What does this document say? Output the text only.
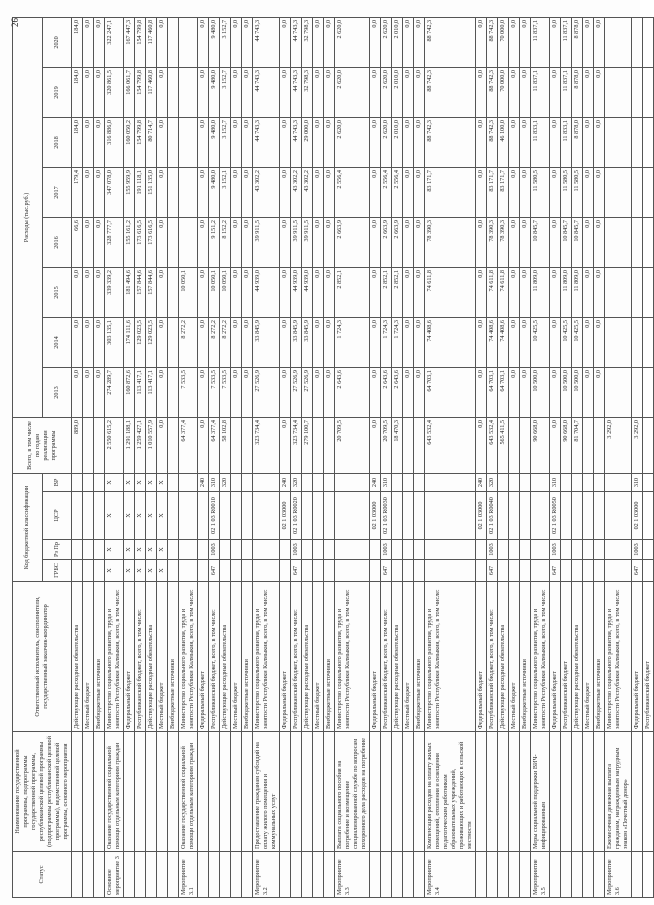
26
Статус	Наименование государственной программы, подпрограммы государственной программы, республиканской целевой программы (подпрограммы республиканской целевой программы), ведомственной целевой программы, основного мероприятия	Ответственный исполнитель, соисполнители, государственный заказчик-координатор	Код бюджетной классификации				Всего, в том числе по годам реализации программы	Расходы (тыс.руб.)							
			ГРБС	Рз Пр	ЦСР	ВР		2013	2014	2015	2016	2017	2018	2019	2020
		Действующие расходные обязательства					889,0	0,0	0,0	0,0	66,6	179,4	184,0	184,0	184,0
		Местный бюджет						0,0	0,0	0,0	0,0	0,0	0,0	0,0	0,0
		Внебюджетные источники						0,0	0,0	0,0	0,0	0,0	0,0	0,0	0,0
Основное мероприятие 3	Оказание государственной социальной помощи отдельным категориям граждан	Министерство социального развития, труда и занятости Республики Калмыкия, всего, в том числе:	X	X	X	X	2 550 615,2	274 289,7	303 135,1	339 339,2	328 777,7	347 078,0	316 886,0	320 861,5	322 247,1
		Федеральный бюджет	X	X	X	X	1 291 188,1	160 872,6	174 111,6	181 494,6	155 161,2	155 959,9	160 050,2	166 061,7	167 447,3
		Республиканский бюджет, всего, в том числе:	X	X	X	X	1 259 427,1	113 417,1	129 023,5	157 844,6	173 616,5	191 118,1	154 799,8	154 799,8	154 799,8
		Действующие расходные обязательства	X	X	X	X	1 010 557,9	113 417,1	129 023,5	157 844,6	173 616,5	151 135,0	80 714,7	117 460,8	117 460,8
		Местный бюджет	X	X	X	X	0,0	0,0	0,0	0,0	0,0	0,0	0,0	0,0	0,0
		Внебюджетные источники													
Мероприятие 3.1	Оказание государственной социальной помощи отдельным категориям граждан	Министерство социального развития, труда и занятости Республики Калмыкия, всего, в том числе:					64 377,4	7 533,5	8 272,2	10 050,1					
		Федеральный бюджет				240	0,0	0,0	0,0	0,0	0,0	0,0	0,0	0,0	0,0
		Республиканский бюджет, всего, в том числе:	647	1003	02 1 03 R0010	310	64 377,4	7 533,5	8 272,2	10 050,1	9 151,2	9 480,0	9 480,0	9 480,0	9 480,0
		Действующие расходные обязательства				320	58 102,8	7 533,5	8 272,2	10 050,1	8 152,2	3 152,1	3 152,7	3 152,7	3 152,7
		Местный бюджет						0,0	0,0	0,0	0,0	0,0	0,0	0,0	0,0
		Внебюджетные источники						0,0	0,0	0,0	0,0	0,0	0,0	0,0	0,0
Мероприятие 3.2	Предоставление гражданам субсидий на оплату жилого помещения и коммунальных услуг	Министерство социального развития, труда и занятости Республики Калмыкия, всего, в том числе:					323 734,4	27 526,9	33 845,9	44 939,0	39 911,5	43 302,2	44 743,3	44 743,3	44 743,3
		Федеральный бюджет			02 1 03000	240	0,0	0,0	0,0	0,0	0,0	0,0	0,0	0,0	0,0
		Республиканский бюджет, всего, в том числе:	647	1003	02 1 03 R0020	320	323 734,4	27 526,9	33 845,9	44 939,0	39 911,5	43 302,2	44 743,3	44 743,3	44 743,3
		Действующие расходные обязательства					279 100,7	27 526,9	33 845,9	44 939,0	39 911,5	43 302,2	29 000,0	32 798,3	32 798,3
		Местный бюджет						0,0	0,0	0,0	0,0	0,0	0,0	0,0	0,0
		Внебюджетные источники						0,0	0,0	0,0	0,0	0,0	0,0	0,0	0,0
Мероприятие 3.3	Выплата социального пособия на погребение и возмещение специализированной службе по вопросам похоронного дела расходов на погребение	Министерство социального развития, труда и занятости Республики Калмыкия, всего, в том числе:					20 709,5	2 643,6	1 724,3	2 852,1	2 663,9	2 556,4	2 620,0	2 620,0	2 620,0
		Федеральный бюджет			02 1 03000	240	0,0	0,0	0,0	0,0	0,0	0,0	0,0	0,0	0,0
		Республиканский бюджет, всего, в том числе:	647	1003	02 1 03 R0030	310	20 709,5	2 643,6	1 724,3	2 852,1	2 663,9	2 556,4	2 620,0	2 620,0	2 620,0
		Действующие расходные обязательства					18 470,3	2 643,6	1 724,3	2 852,1	2 663,9	2 556,4	2 010,0	2 010,0	2 010,0
		Местный бюджет						0,0	0,0	0,0	0,0	0,0	0,0	0,0	0,0
		Внебюджетные источники						0,0	0,0	0,0	0,0	0,0	0,0	0,0	0,0
Мероприятие 3.4	Компенсация расходов на оплату жилых помещений, отопления и освещения педагогическим работникам образовательных учреждений, проживающих и работающих в сельской местности	Министерство социального развития, труда и занятости Республики Калмыкия, всего, в том числе:					643 532,4	64 703,1	74 408,6	74 611,8	78 390,3	83 171,7	88 742,3	88 742,3	88 742,3
		Федеральный бюджет			02 1 03000	240	0,0	0,0	0,0	0,0	0,0	0,0	0,0	0,0	0,0
		Республиканский бюджет, всего, в том числе:	647	1003	02 1 03 R0040	320	643 532,4	64 703,1	74 408,6	74 611,8	78 390,3	83 171,7	88 742,3	88 742,3	88 742,3
		Действующие расходные обязательства					565 411,5	64 703,1	74 408,6	74 611,8	78 390,3	83 171,7	46 100,0	70 000,0	70 000,0
		Местный бюджет						0,0	0,0	0,0	0,0	0,0	0,0	0,0	0,0
		Внебюджетные источники						0,0	0,0	0,0	0,0	0,0	0,0	0,0	0,0
Мероприятие 3.5	Меры социальной поддержки ВИЧ-инфицированным	Министерство социального развития, труда и занятости Республики Калмыкия, всего, в том числе:					90 668,0	10 500,0	10 425,5	11 809,0	10 845,7	11 580,5	11 833,1	11 837,1	11 837,1
		Федеральный бюджет	647	1003	02 1 03 R0050	310	0,0	0,0	0,0	0,0	0,0	0,0	0,0	0,0	0,0
		Республиканский бюджет					90 668,0	10 500,0	10 425,5	11 809,0	10 845,7	11 580,5	11 833,1	11 837,1	11 837,1
		Действующие расходные обязательства					81 704,7	10 500,0	10 425,5	11 809,0	10 845,7	11 580,5	8 878,0	8 878,0	8 878,0
		Местный бюджет						0,0	0,0	0,0	0,0	0,0	0,0	0,0	0,0
		Внебюджетные источники						0,0	0,0	0,0	0,0	0,0	0,0	0,0	0,0
Мероприятие 3.6	Ежемесячная денежная выплата гражданам, награжденным нагрудным знаком «Почетный донор»	Министерство социального развития, труда и занятости Республики Калмыкия, всего, в том числе:					3 292,0								
		Федеральный бюджет	647	1003	02 1 03000	310	3 292,0								
		Республиканский бюджет													
